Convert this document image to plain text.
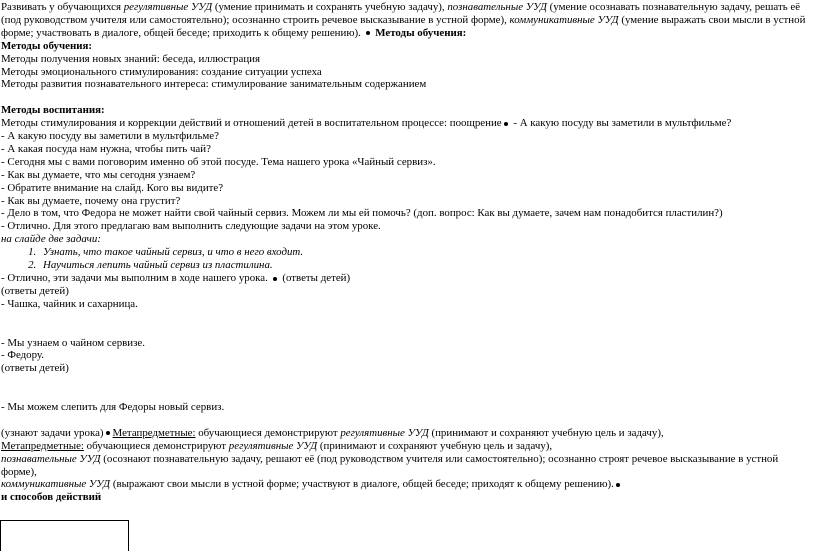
Развивать у обучающихся регулятивные УУД (умение принимать и сохранять учебную задачу), познавательные УУД (умение осознавать познавательную задачу, решать её (под руководством учителя или самостоятельно); осознанно строить речевое высказывание в устной форме), коммуникативные УУД (умение выражать свои мысли в устной форме; участвовать в диалоге, общей беседе; приходить к общему решению).  Методы обучения:
Методы обучения:
Методы получения новых знаний: беседа, иллюстрация
Методы эмоционального стимулирования: создание ситуации успеха
Методы развития познавательного интереса: стимулирование занимательным содержанием
Методы воспитания:
Методы стимулирования и коррекции действий и отношений детей в воспитательном процессе: поощрение - А какую посуду вы заметили в мультфильме?
- А какую посуду вы заметили в мультфильме?
- А какая посуда нам нужна, чтобы пить чай?
- Сегодня мы с вами поговорим именно об этой посуде. Тема нашего урока «Чайный сервиз».
- Как вы думаете, что мы сегодня узнаем?
- Обратите внимание на слайд. Кого вы видите?
- Как вы думаете, почему она грустит?
- Дело в том, что Федора не может найти свой чайный сервиз. Можем ли мы ей помочь? (доп. вопрос: Как вы думаете, зачем нам понадобится пластилин?)
- Отлично. Для этого предлагаю вам выполнить следующие задачи на этом уроке.
на слайде две задачи:
1. Узнать, что такое чайный сервиз, и что в него входит.
2. Научиться лепить чайный сервиз из пластилина.
- Отлично, эти задачи мы выполним в ходе нашего урока.  (ответы детей)
(ответы детей)
- Чашка, чайник и сахарница.
- Мы узнаем о чайном сервизе.
- Федору.
(ответы детей)
- Мы можем слепить для Федоры новый сервиз.
(узнают задачи урока) Метапредметные: обучающиеся демонстрируют регулятивные УУД (принимают и сохраняют учебную цель и задачу),
Метапредметные: обучающиеся демонстрируют регулятивные УУД (принимают и сохраняют учебную цель и задачу),
познавательные УУД (осознают познавательную задачу, решают её (под руководством учителя или самостоятельно); осознанно строят речевое высказывание в устной форме),
коммуникативные УУД (выражают свои мысли в устной форме; участвуют в диалоге, общей беседе; приходят к общему решению).
и способов действий
